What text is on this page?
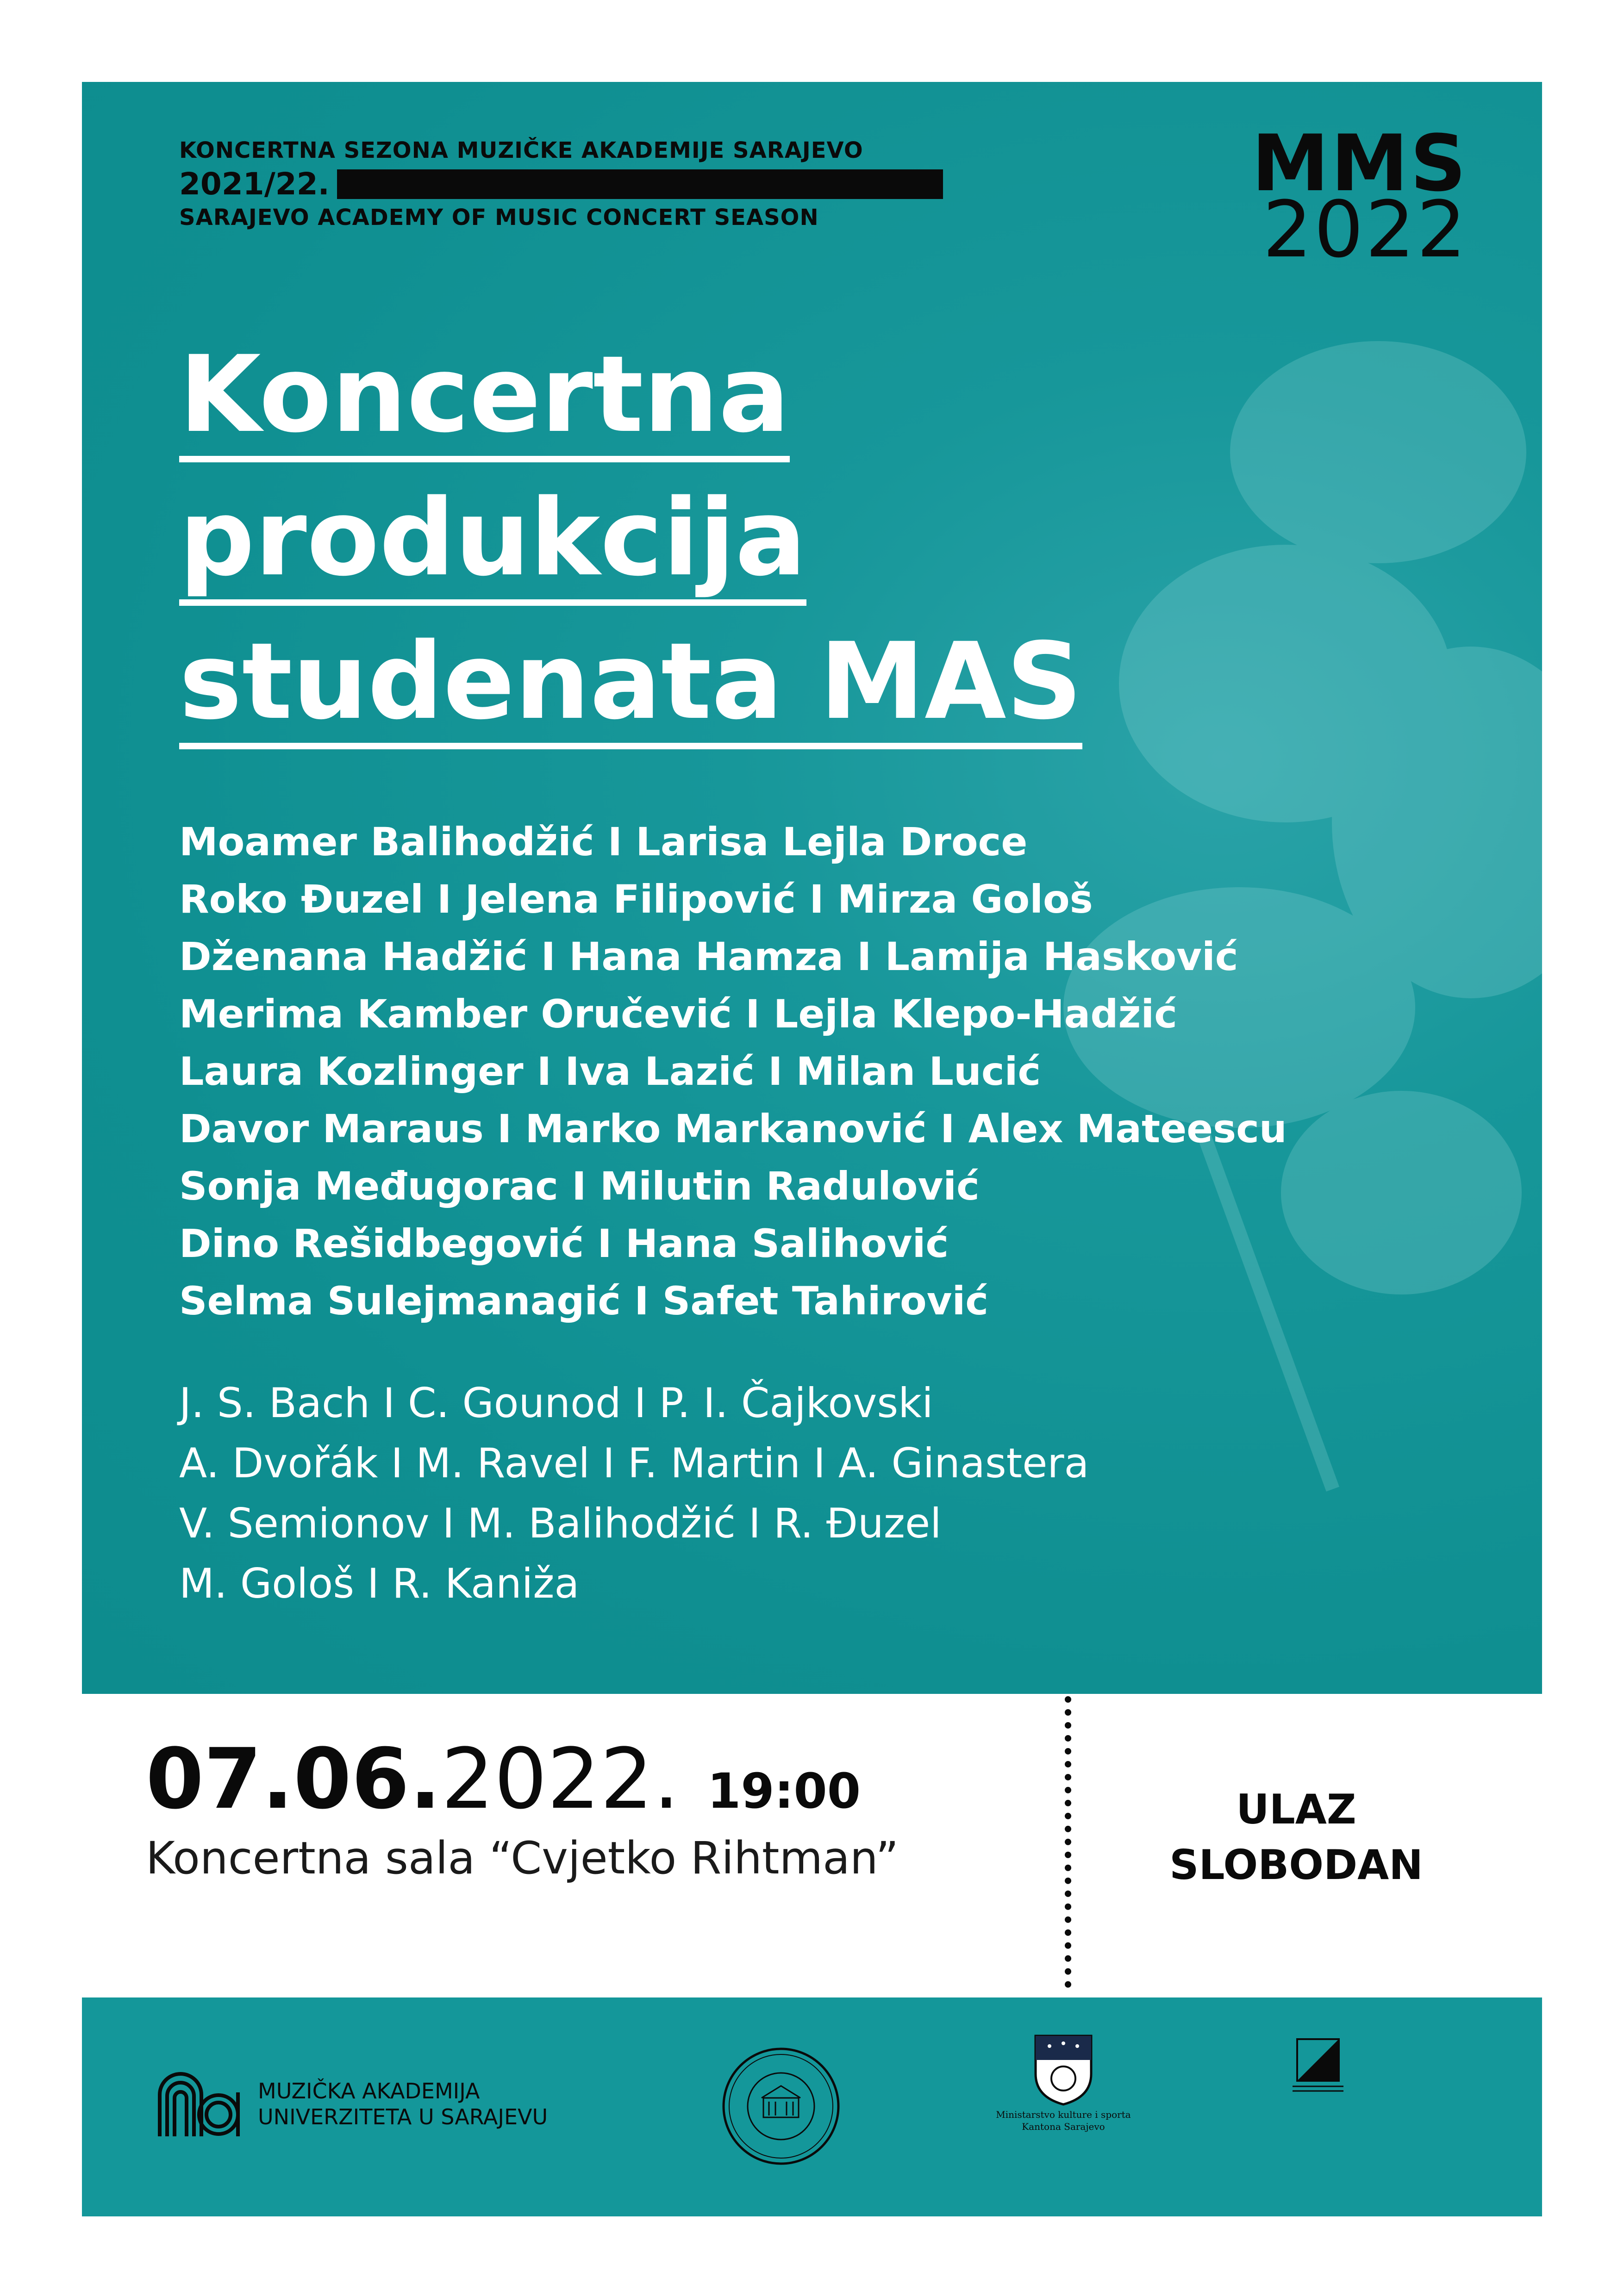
KONCERTNA SEZONA MUZIČKE AKADEMIJE SARAJEVO
2021/22.
SARAJEVO ACADEMY OF MUSIC CONCERT SEASON
MMS
2022
Koncertna
produkcija
studenata MAS
Moamer Balihodžić I Larisa Lejla Droce
Roko Đuzel I Jelena Filipović I Mirza Gološ
Dženana Hadžić I Hana Hamza I Lamija Hasković
Merima Kamber Oručević I Lejla Klepo-Hadžić
Laura Kozlinger I Iva Lazić I Milan Lucić
Davor Maraus I Marko Markanović I Alex Mateescu
Sonja Međugorac I Milutin Radulović
Dino Rešidbegović I Hana Salihović
Selma Sulejmanagić I Safet Tahirović
J. S. Bach I C. Gounod I P. I. Čajkovski
A. Dvořák I M. Ravel I F. Martin I A. Ginastera
V. Semionov I M. Balihodžić I R. Đuzel
M. Gološ I R. Kaniža
07.06. 2022. 19:00
Koncertna sala “Cvjetko Rihtman”
ULAZ
SLOBODAN
MUZIČKA AKADEMIJA
UNIVERZITETA U SARAJEVU	Ministarstvo kulture i sporta
Kantona Sarajevo
